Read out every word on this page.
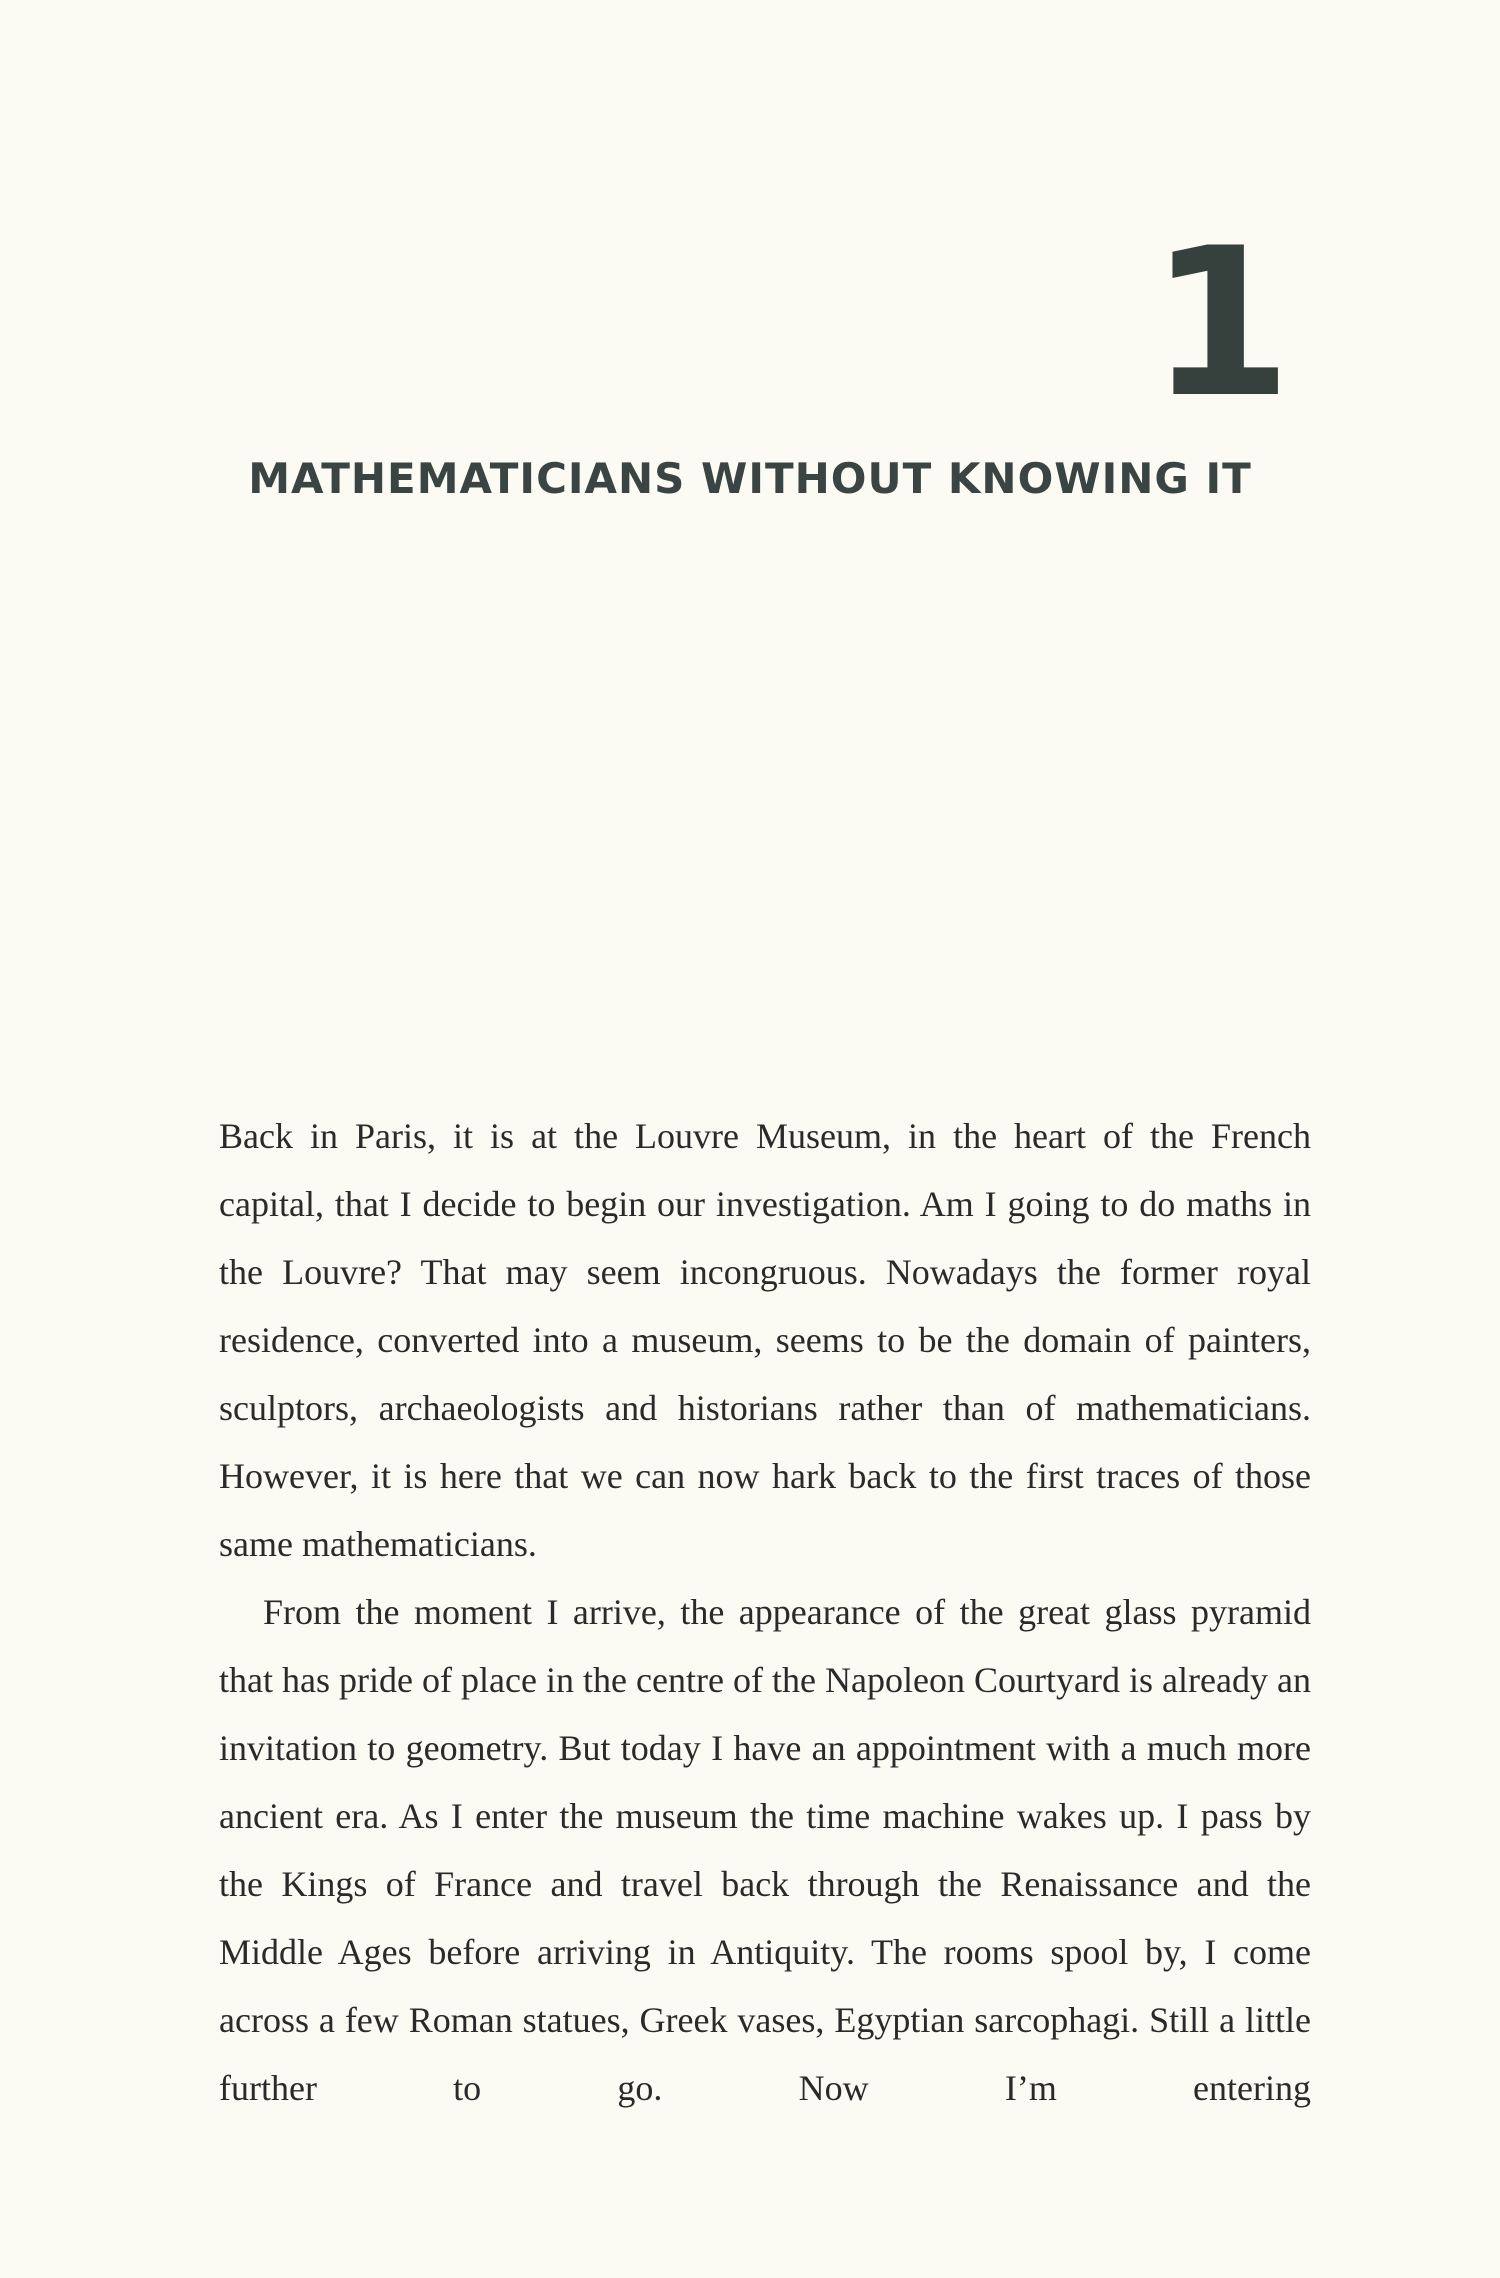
1
MATHEMATICIANS WITHOUT KNOWING IT

Back in Paris, it is at the Louvre Museum, in the heart of the French capital, that I decide to begin our investigation. Am I going to do maths in the Louvre? That may seem incongruous. Nowadays the former royal residence, converted into a museum, seems to be the domain of painters, sculptors, archaeologists and historians rather than of mathematicians. However, it is here that we can now hark back to the first traces of those same mathematicians.

From the moment I arrive, the appearance of the great glass pyramid that has pride of place in the centre of the Napoleon Courtyard is already an invitation to geometry. But today I have an appointment with a much more ancient era. As I enter the museum the time machine wakes up. I pass by the Kings of France and travel back through the Renaissance and the Middle Ages before arriving in Antiquity. The rooms spool by, I come across a few Roman statues, Greek vases, Egyptian sarcophagi. Still a little further to go. Now I’m entering
